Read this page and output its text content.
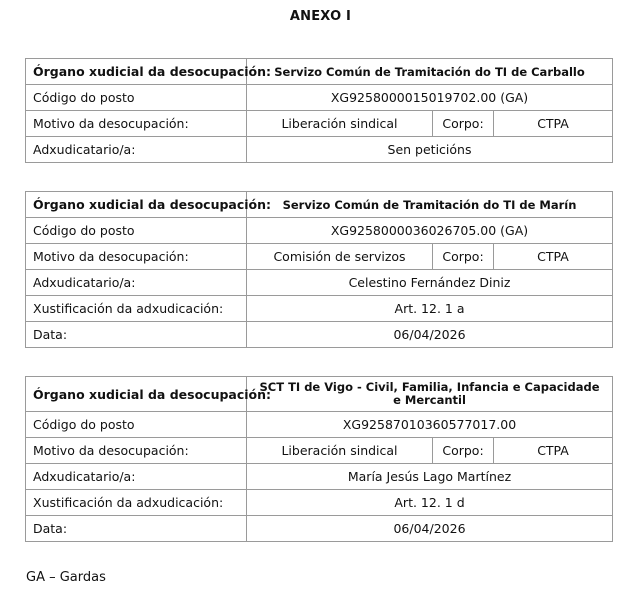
ANEXO I
Órgano xudicial da desocupación:	Servizo Común de Tramitación do TI de Carballo		
Código do posto	XG9258000015019702.00 (GA)		
Motivo da desocupación:	Liberación sindical	Corpo:	CTPA
Adxudicatario/a:	Sen peticións		
Órgano xudicial da desocupación:	Servizo Común de Tramitación do TI de Marín		
Código do posto	XG9258000036026705.00 (GA)		
Motivo da desocupación:	Comisión de servizos	Corpo:	CTPA
Adxudicatario/a:	Celestino Fernández Diniz		
Xustificación da adxudicación:	Art. 12. 1 a		
Data:	06/04/2026		
Órgano xudicial da desocupación:	SCT TI de Vigo - Civil, Familia, Infancia e Capacidade e Mercantil		
Código do posto	XG92587010360577017.00		
Motivo da desocupación:	Liberación sindical	Corpo:	CTPA
Adxudicatario/a:	María Jesús Lago Martínez		
Xustificación da adxudicación:	Art. 12. 1 d		
Data:	06/04/2026		
GA – Gardas
